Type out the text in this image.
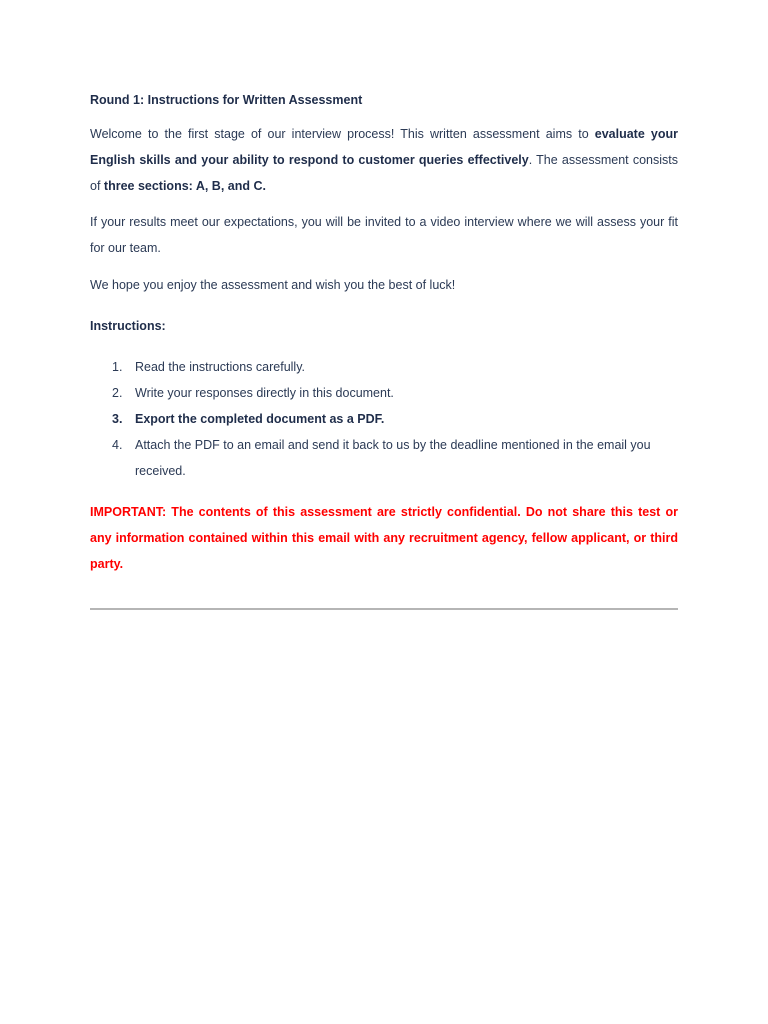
Round 1: Instructions for Written Assessment

Welcome to the first stage of our interview process! This written assessment aims to evaluate your English skills and your ability to respond to customer queries effectively. The assessment consists of three sections: A, B, and C.

If your results meet our expectations, you will be invited to a video interview where we will assess your fit for our team.

We hope you enjoy the assessment and wish you the best of luck!

Instructions:
1. Read the instructions carefully.
2. Write your responses directly in this document.
3. Export the completed document as a PDF.
4. Attach the PDF to an email and send it back to us by the deadline mentioned in the email you received.
IMPORTANT: The contents of this assessment are strictly confidential. Do not share this test or any information contained within this email with any recruitment agency, fellow applicant, or third party.
